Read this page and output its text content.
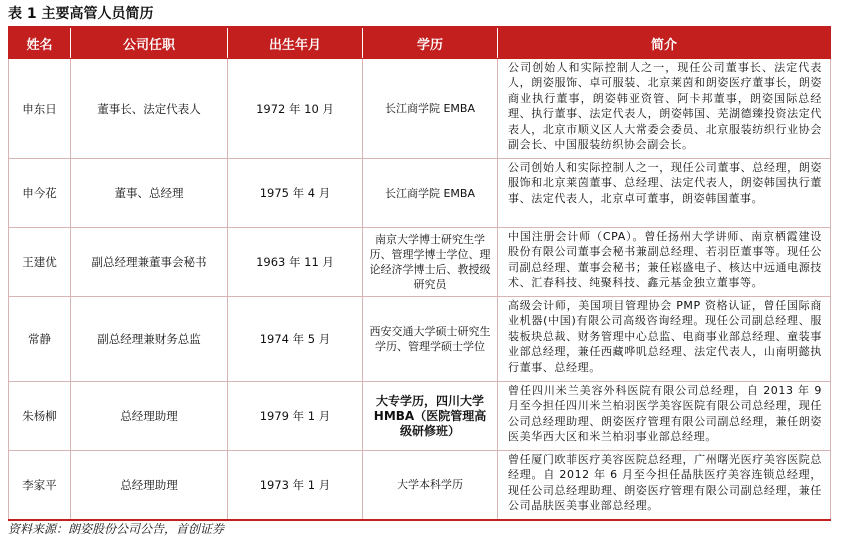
表 1 主要高管人员简历
姓名	公司任职	出生年月	学历	简介
申东日	董事长、法定代表人	1972 年 10 月	长江商学院 EMBA	公司创始人和实际控制人之一，现任公司董事长、法定代表人，朗姿服饰、卓可服装、北京莱茵和朗姿医疗董事长，朗姿商业执行董事，朗姿韩亚资管、阿卡邦董事，朗姿国际总经理、执行董事、法定代表人，朗姿韩国、芜湖德臻投资法定代表人，北京市顺义区人大常委会委员、北京服装纺织行业协会副会长、中国服装纺织协会副会长。
申今花	董事、总经理	1975 年 4 月	长江商学院 EMBA	公司创始人和实际控制人之一，现任公司董事、总经理，朗姿服饰和北京莱茵董事、总经理、法定代表人，朗姿韩国执行董事、法定代表人，北京卓可董事，朗姿韩国董事。
王建优	副总经理兼董事会秘书	1963 年 11 月	南京大学博士研究生学历、管理学博士学位、理论经济学博士后、教授级研究员	中国注册会计师（CPA）。曾任扬州大学讲师、南京栖霞建设股份有限公司董事会秘书兼副总经理、若羽臣董事等。现任公司副总经理、董事会秘书；兼任崧盛电子、核达中远通电源技术、汇春科技、纯聚科技、鑫元基金独立董事等。
常静	副总经理兼财务总监	1974 年 5 月	西安交通大学硕士研究生学历、管理学硕士学位	高级会计师，美国项目管理协会 PMP 资格认证，曾任国际商业机器(中国)有限公司高级咨询经理。现任公司副总经理、服装板块总裁、财务管理中心总监、电商事业部总经理、童装事业部总经理，兼任西藏哗叽总经理、法定代表人，山南明懿执行董事、总经理。
朱杨柳	总经理助理	1979 年 1 月	大专学历，四川大学 HMBA（医院管理高级研修班）	曾任四川米兰美容外科医院有限公司总经理，自 2013 年 9 月至今担任四川米兰柏羽医学美容医院有限公司总经理，现任公司总经理助理、朗姿医疗管理有限公司副总经理，兼任朗姿医美华西大区和米兰柏羽事业部总经理。
李家平	总经理助理	1973 年 1 月	大学本科学历	曾任厦门欧菲医疗美容医院总经理，广州曙光医疗美容医院总经理。自 2012 年 6 月至今担任晶肤医疗美容连锁总经理，现任公司总经理助理、朗姿医疗管理有限公司副总经理，兼任公司晶肤医美事业部总经理。
资料来源：朗姿股份公司公告，首创证券
